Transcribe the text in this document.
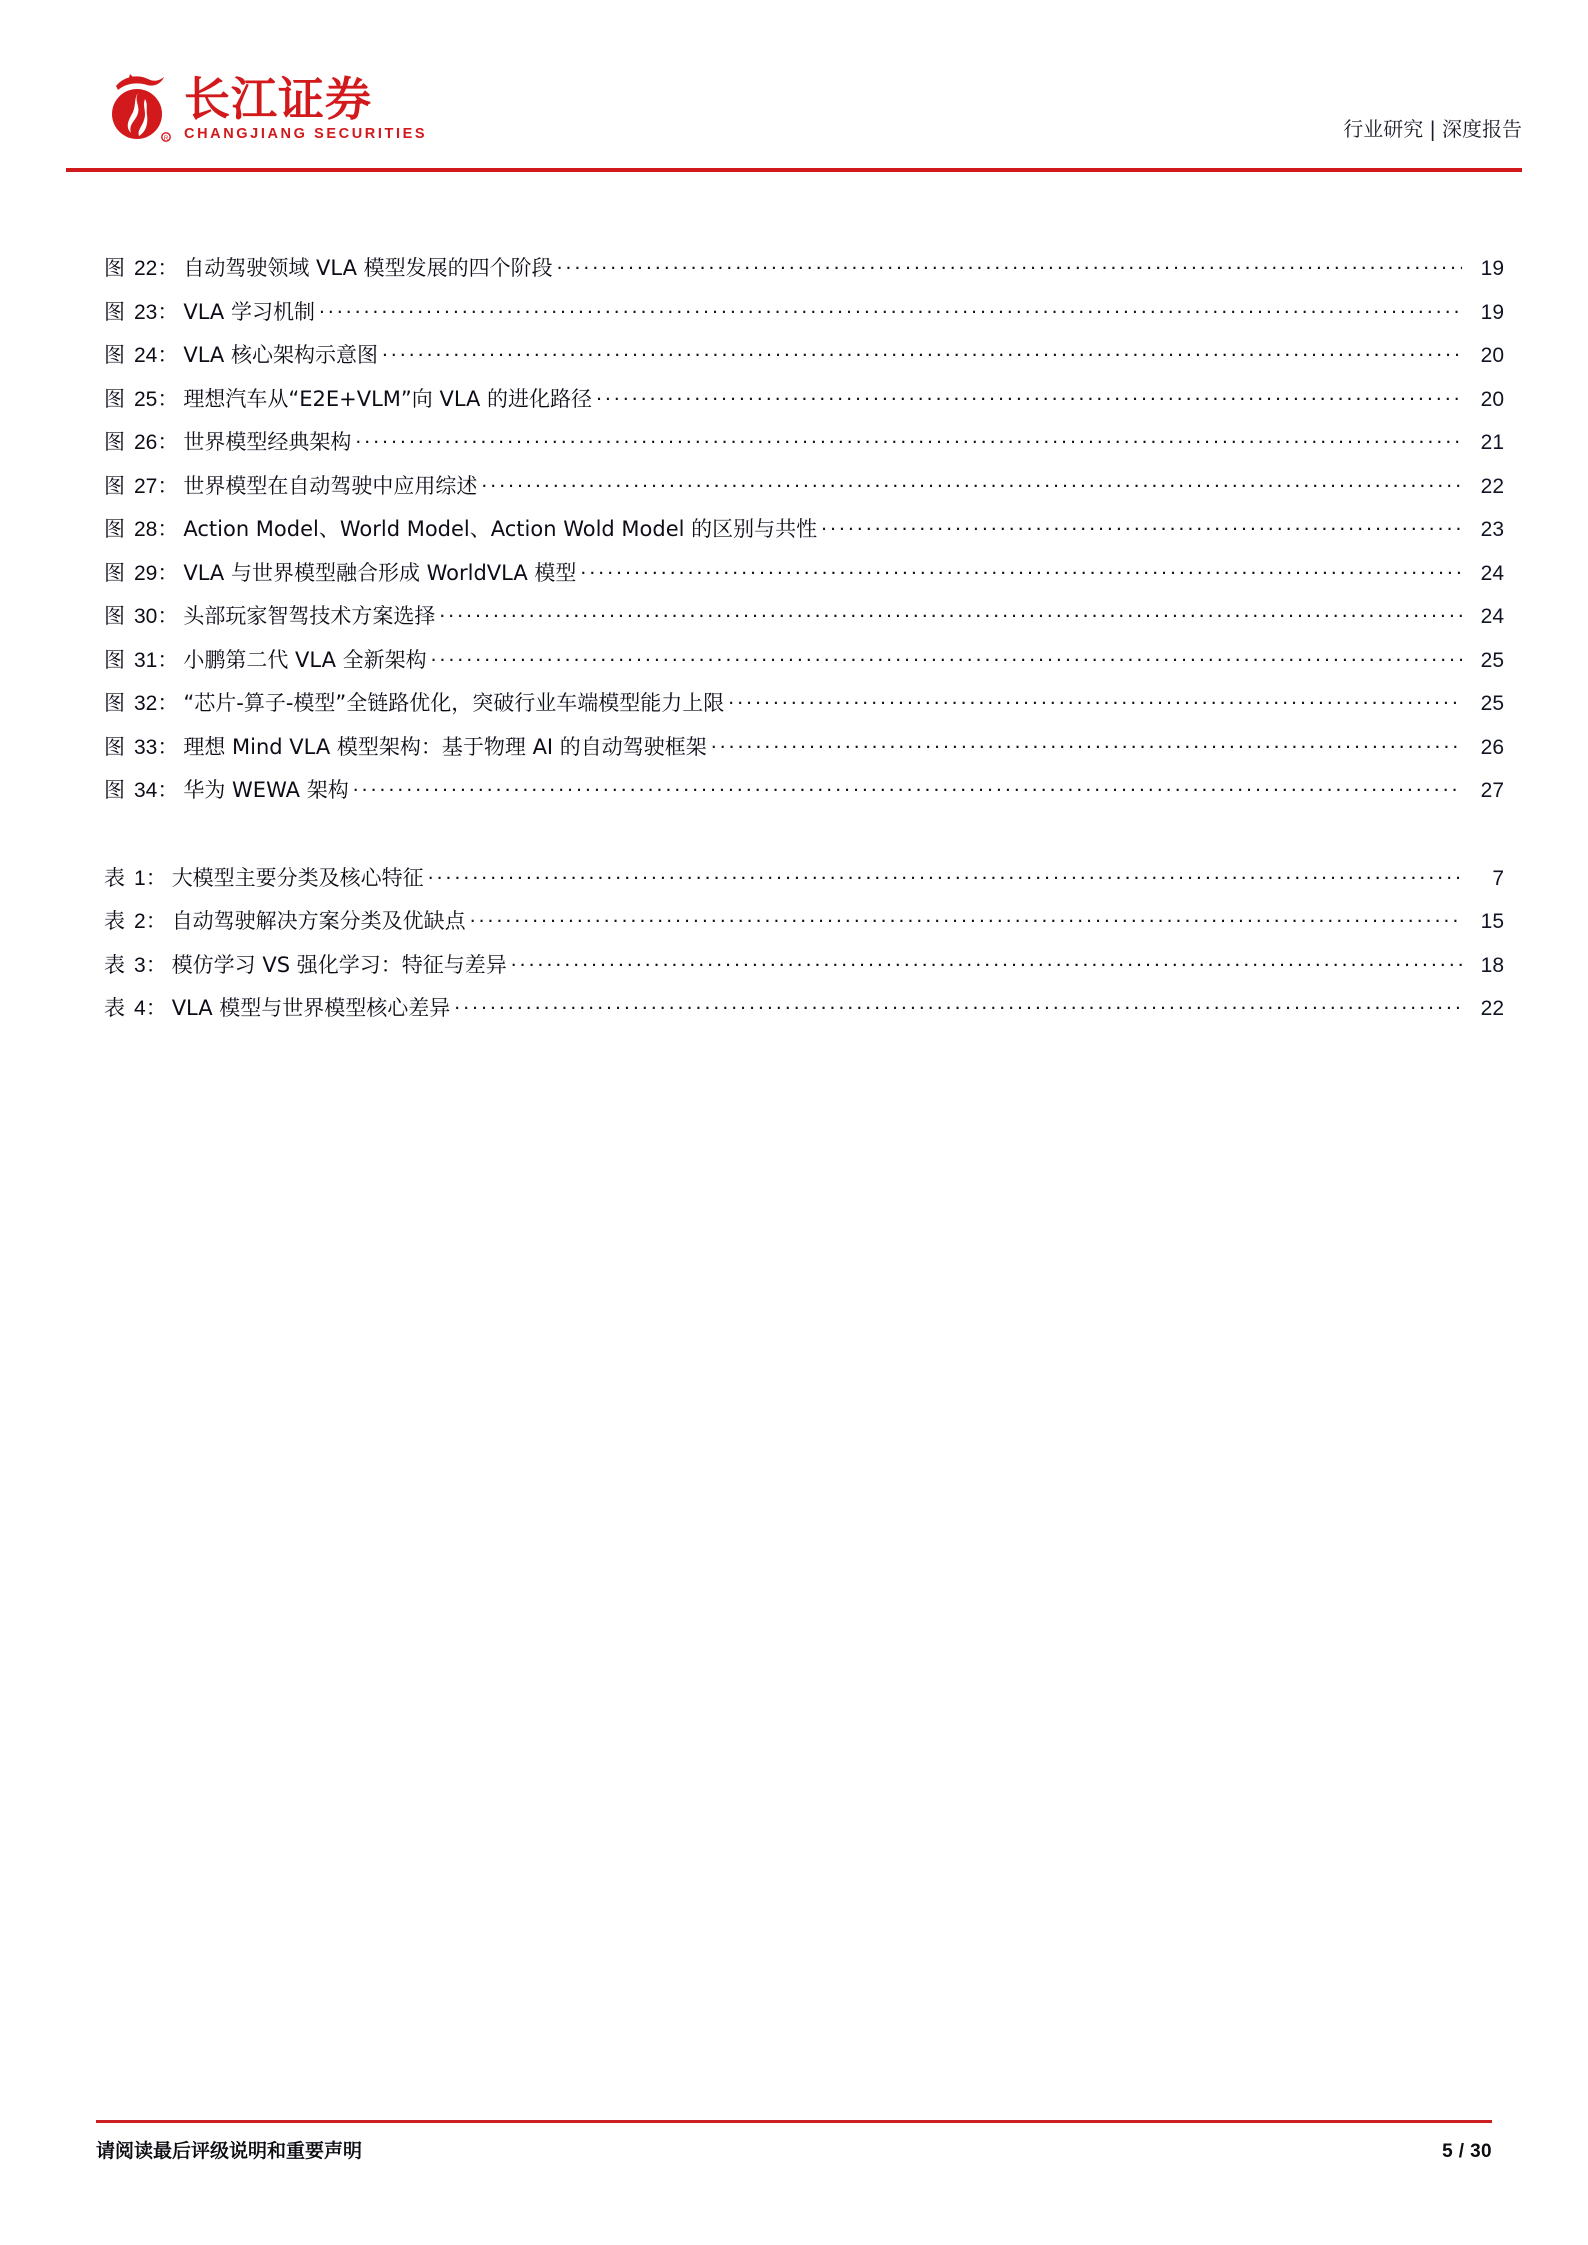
R
长江证券
CHANGJIANG SECURITIES	行业研究 | 深度报告
图 22 ： 自动驾驶领域 VLA 模型发展的四个阶段 .....	19
图 23 ： VLA 学习机制 .....	19
图 24 ： VLA 核心架构示意图 .....	20
图 25 ： 理想汽车从“E2E+VLM”向 VLA 的进化路径 .....	20
图 26 ： 世界模型经典架构 .....	21
图 27 ： 世界模型在自动驾驶中应用综述 .....	22
图 28 ： Action Model、World Model、Action Wold Model 的区别与共性 .....	23
图 29 ： VLA 与世界模型融合形成 WorldVLA 模型 .....	24
图 30 ： 头部玩家智驾技术方案选择 .....	24
图 31 ： 小鹏第二代 VLA 全新架构 .....	25
图 32 ： “芯片-算子-模型”全链路优化，突破行业车端模型能力上限 .....	25
图 33 ： 理想 Mind VLA 模型架构：基于物理 AI 的自动驾驶框架 .....	26
图 34 ： 华为 WEWA 架构 .....	27
表 1 ： 大模型主要分类及核心特征 .....	7
表 2 ： 自动驾驶解决方案分类及优缺点 .....	15
表 3 ： 模仿学习 VS 强化学习：特征与差异 .....	18
表 4 ： VLA 模型与世界模型核心差异 .....	22
请阅读最后评级说明和重要声明	5 / 30
